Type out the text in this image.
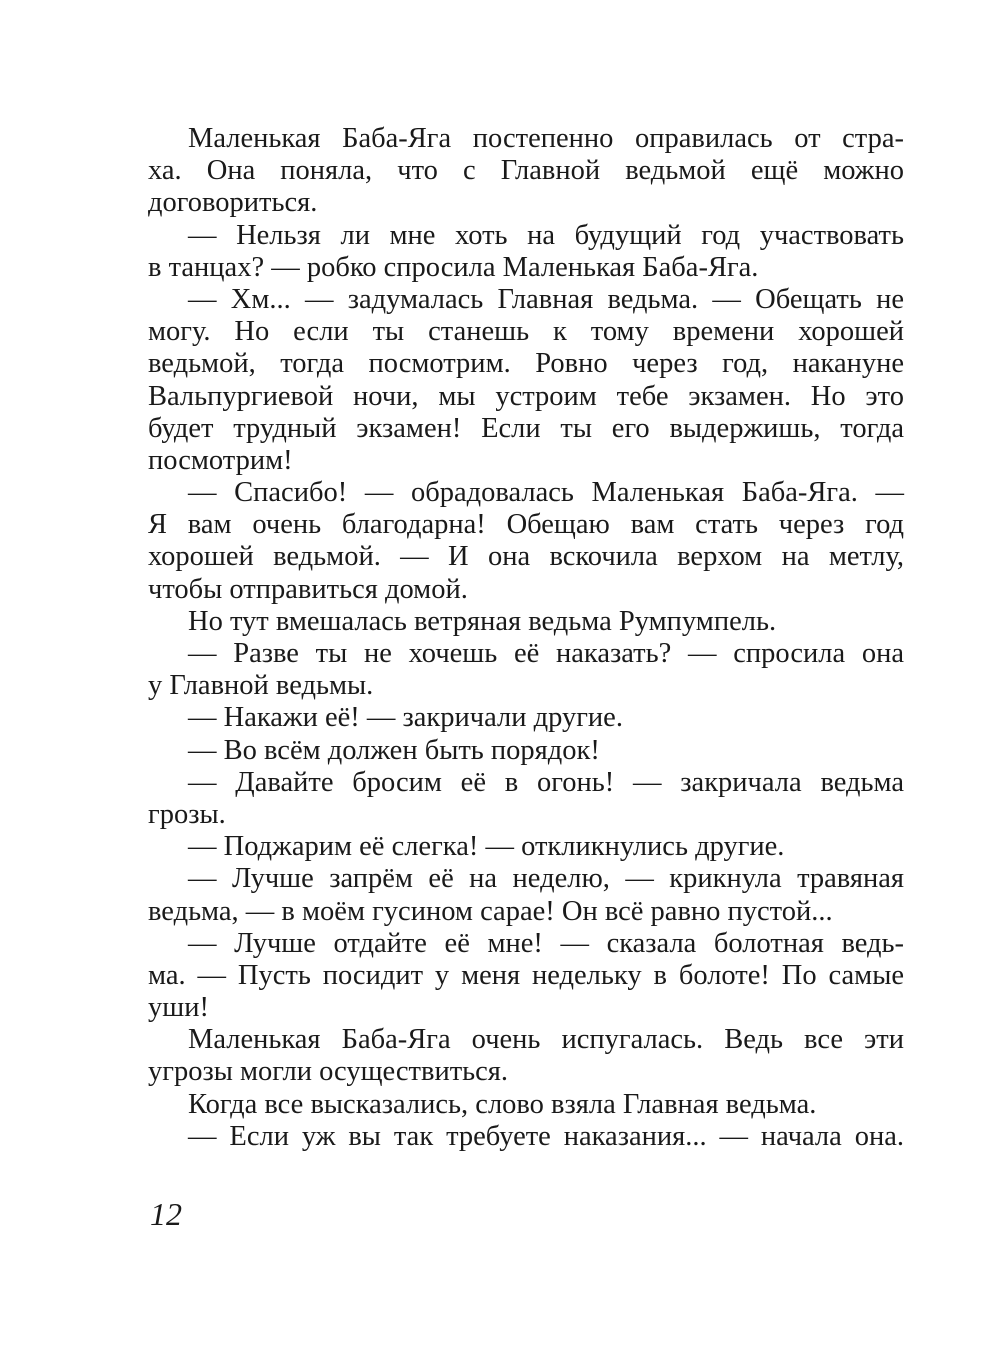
Маленькая Баба-Яга постепенно оправилась от стра-
ха. Она поняла, что с Главной ведьмой ещё можно
договориться.
— Нельзя ли мне хоть на будущий год участвовать
в танцах? — робко спросила Маленькая Баба-Яга.
— Хм... — задумалась Главная ведьма. — Обещать не
могу. Но если ты станешь к тому времени хорошей
ведьмой, тогда посмотрим. Ровно через год, накануне
Вальпургиевой ночи, мы устроим тебе экзамен. Но это
будет трудный экзамен! Если ты его выдержишь, тогда
посмотрим!
— Спасибо! — обрадовалась Маленькая Баба-Яга. —
Я вам очень благодарна! Обещаю вам стать через год
хорошей ведьмой. — И она вскочила верхом на метлу,
чтобы отправиться домой.
Но тут вмешалась ветряная ведьма Румпумпель.
— Разве ты не хочешь её наказать? — спросила она
у Главной ведьмы.
— Накажи её! — закричали другие.
— Во всём должен быть порядок!
— Давайте бросим её в огонь! — закричала ведьма
грозы.
— Поджарим её слегка! — откликнулись другие.
— Лучше запрём её на неделю, — крикнула травяная
ведьма, — в моём гусином сарае! Он всё равно пустой...
— Лучше отдайте её мне! — сказала болотная ведь-
ма. — Пусть посидит у меня недельку в болоте! По самые
уши!
Маленькая Баба-Яга очень испугалась. Ведь все эти
угрозы могли осуществиться.
Когда все высказались, слово взяла Главная ведьма.
— Если уж вы так требуете наказания... — начала она.
12
